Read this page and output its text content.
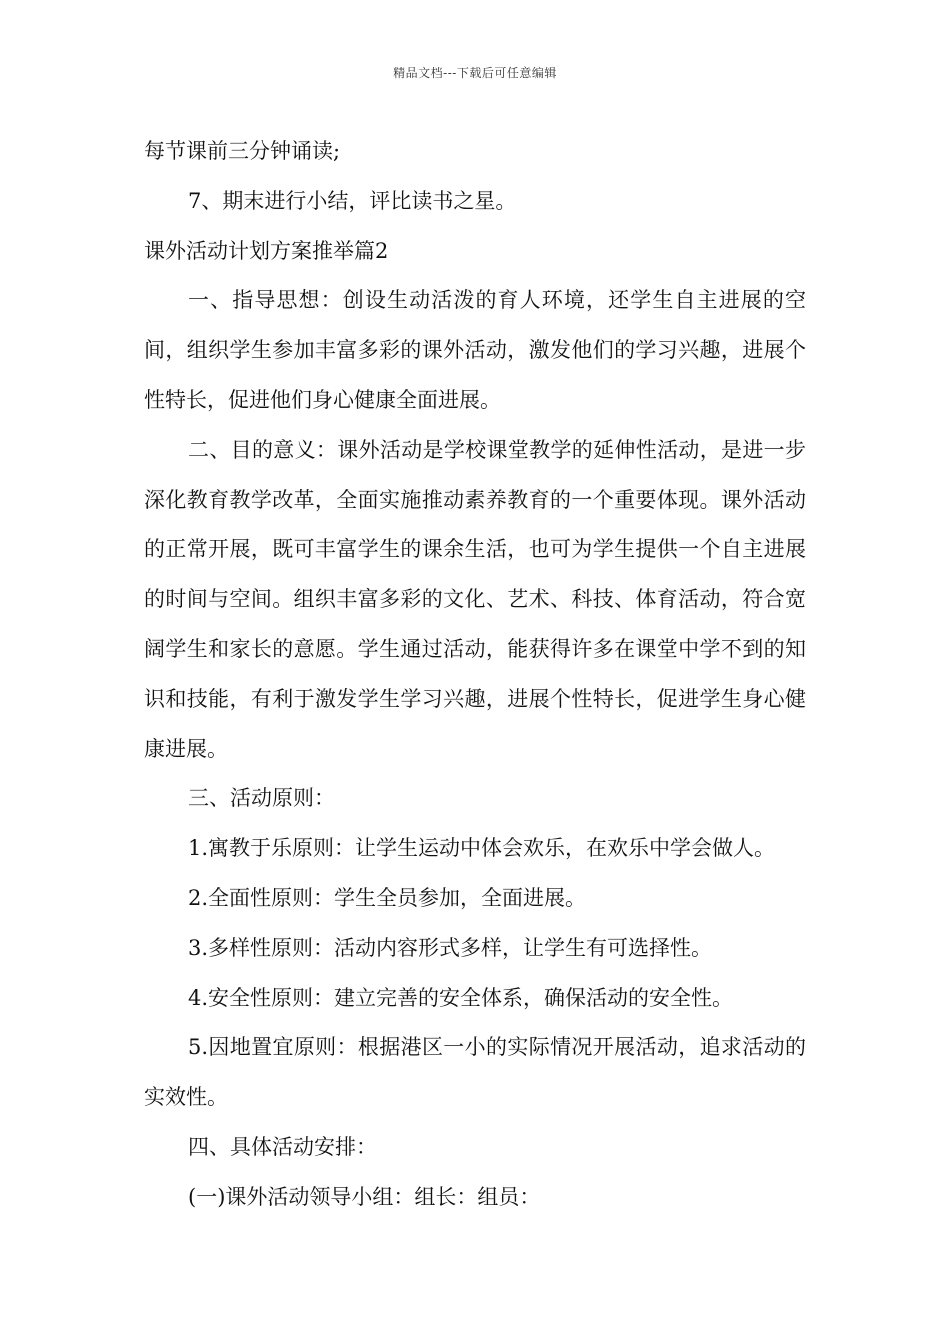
精品文档---下载后可任意编辑

每节课前三分钟诵读;

7、期末进行小结，评比读书之星。

课外活动计划方案推举篇2

一、指导思想：创设生动活泼的育人环境，还学生自主进展的空间，组织学生参加丰富多彩的课外活动，激发他们的学习兴趣，进展个性特长，促进他们身心健康全面进展。

二、目的意义：课外活动是学校课堂教学的延伸性活动，是进一步深化教育教学改革，全面实施推动素养教育的一个重要体现。课外活动的正常开展，既可丰富学生的课余生活，也可为学生提供一个自主进展的时间与空间。组织丰富多彩的文化、艺术、科技、体育活动，符合宽阔学生和家长的意愿。学生通过活动，能获得许多在课堂中学不到的知识和技能，有利于激发学生学习兴趣，进展个性特长，促进学生身心健康进展。

三、活动原则：

1.寓教于乐原则：让学生运动中体会欢乐，在欢乐中学会做人。

2.全面性原则：学生全员参加，全面进展。

3.多样性原则：活动内容形式多样，让学生有可选择性。

4.安全性原则：建立完善的安全体系，确保活动的安全性。

5.因地置宜原则：根据港区一小的实际情况开展活动，追求活动的实效性。

四、具体活动安排：

(一)课外活动领导小组：组长：组员：
